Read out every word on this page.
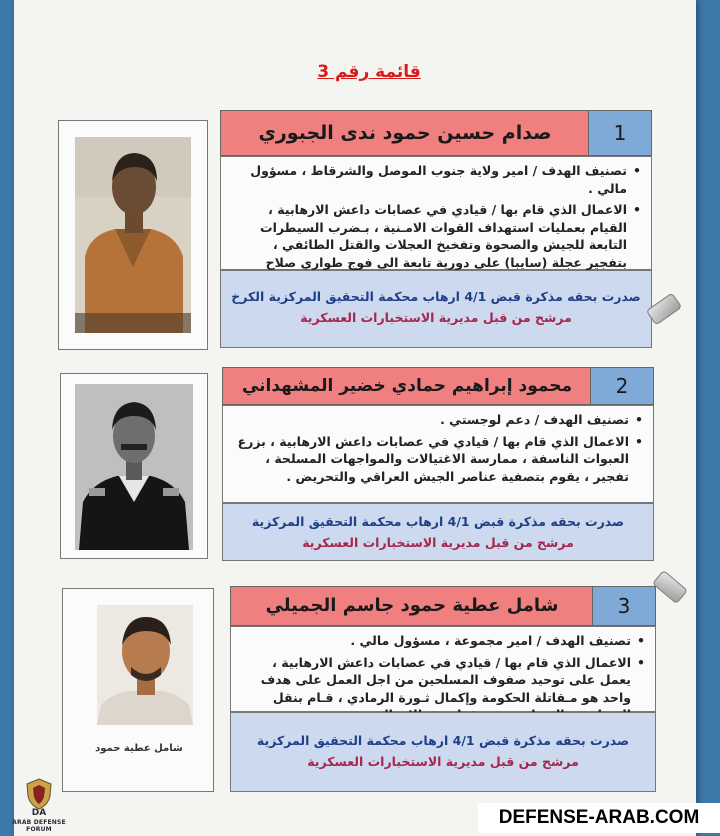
قائمة رقم 3
صدام حسين حمود ندى الجبوري	1

• تصنيف الهدف / امير ولاية جنوب الموصل والشرقاط ، مسؤول مالي .

• الاعمال الذي قام بها / قيادي في عصابات داعش الارهابية ، القيام بعمليات استهداف القوات الامـنية ، بـضرب السيطرات التابعة للجيش والصحوة وتفخيخ العجلات والقتل الطائفي ، بتفجير عجلة (سايبا) على دورية تابعة الى فوج طواري صلاح

صدرت بحقه مذكرة قبض 4/1 ارهاب محكمة التحقيق المركزية الكرخ
مرشح من قبل مديرية الاستخبارات العسكرية
محمود إبراهيم حمادي خضير المشهداني	2

• تصنيف الهدف / دعم لوجستي .

• الاعمال الذي قام بها / قيادي في عصابات داعش الارهابية ، بزرع العبوات الناسفة ، ممارسة الاغتيالات والمواجهات المسلحة ، تفجير ، يقوم بتصفية عناصر الجيش العراقي والتحريض .

صدرت بحقه مذكرة قبض 4/1 ارهاب محكمة التحقيق المركزية
مرشح من قبل مديرية الاستخبارات العسكرية
شامل عطية حمود
شامل عطية حمود جاسم الجميلي	3

• تصنيف الهدف / امير مجموعة ، مسؤول مالي .

• الاعمال الذي قام بها / قيادي في عصابات داعش الارهابية ، يعمل على توحيد صفوف المسلحين من اجل العمل على هدف واحد هو مـقاتلة الحكومة وإكمال ثـورة الرمادي ، قـام بنقل

صدرت بحقه مذكرة قبض 4/1 ارهاب محكمة التحقيق المركزية
مرشح من قبل مديرية الاستخبارات العسكرية
DA
ARAB DEFENSE FORUM
DEFENSE-ARAB.COM
